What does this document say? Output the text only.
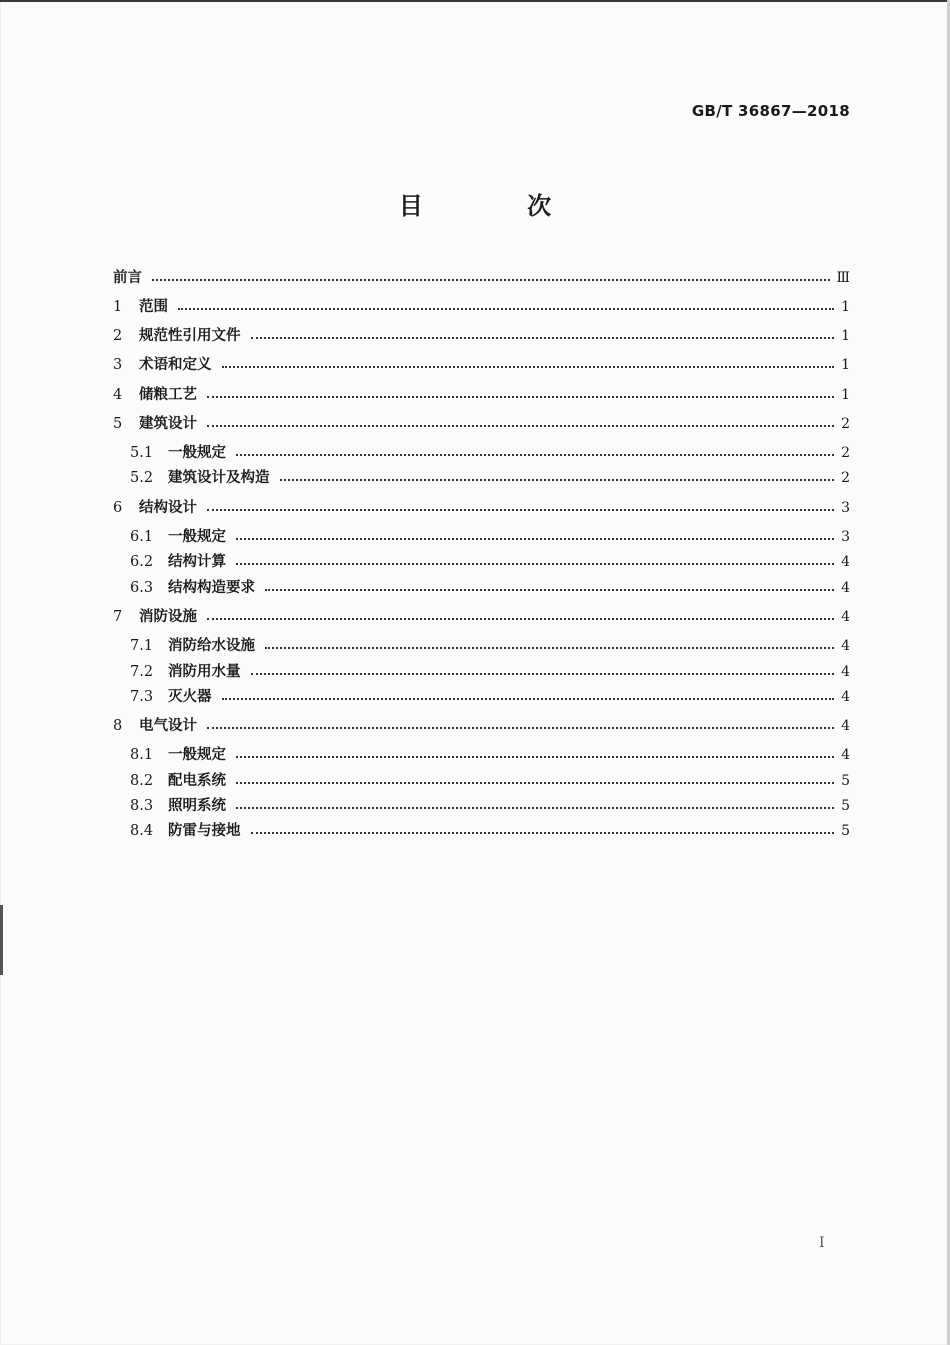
GB/T 36867—2018
目 次
前言	Ⅲ
1	范围	1
2	规范性引用文件	1
3	术语和定义	1
4	储粮工艺	1
5	建筑设计	2
5.1	一般规定	2
5.2	建筑设计及构造	2
6	结构设计	3
6.1	一般规定	3
6.2	结构计算	4
6.3	结构构造要求	4
7	消防设施	4
7.1	消防给水设施	4
7.2	消防用水量	4
7.3	灭火器	4
8	电气设计	4
8.1	一般规定	4
8.2	配电系统	5
8.3	照明系统	5
8.4	防雷与接地	5
I
